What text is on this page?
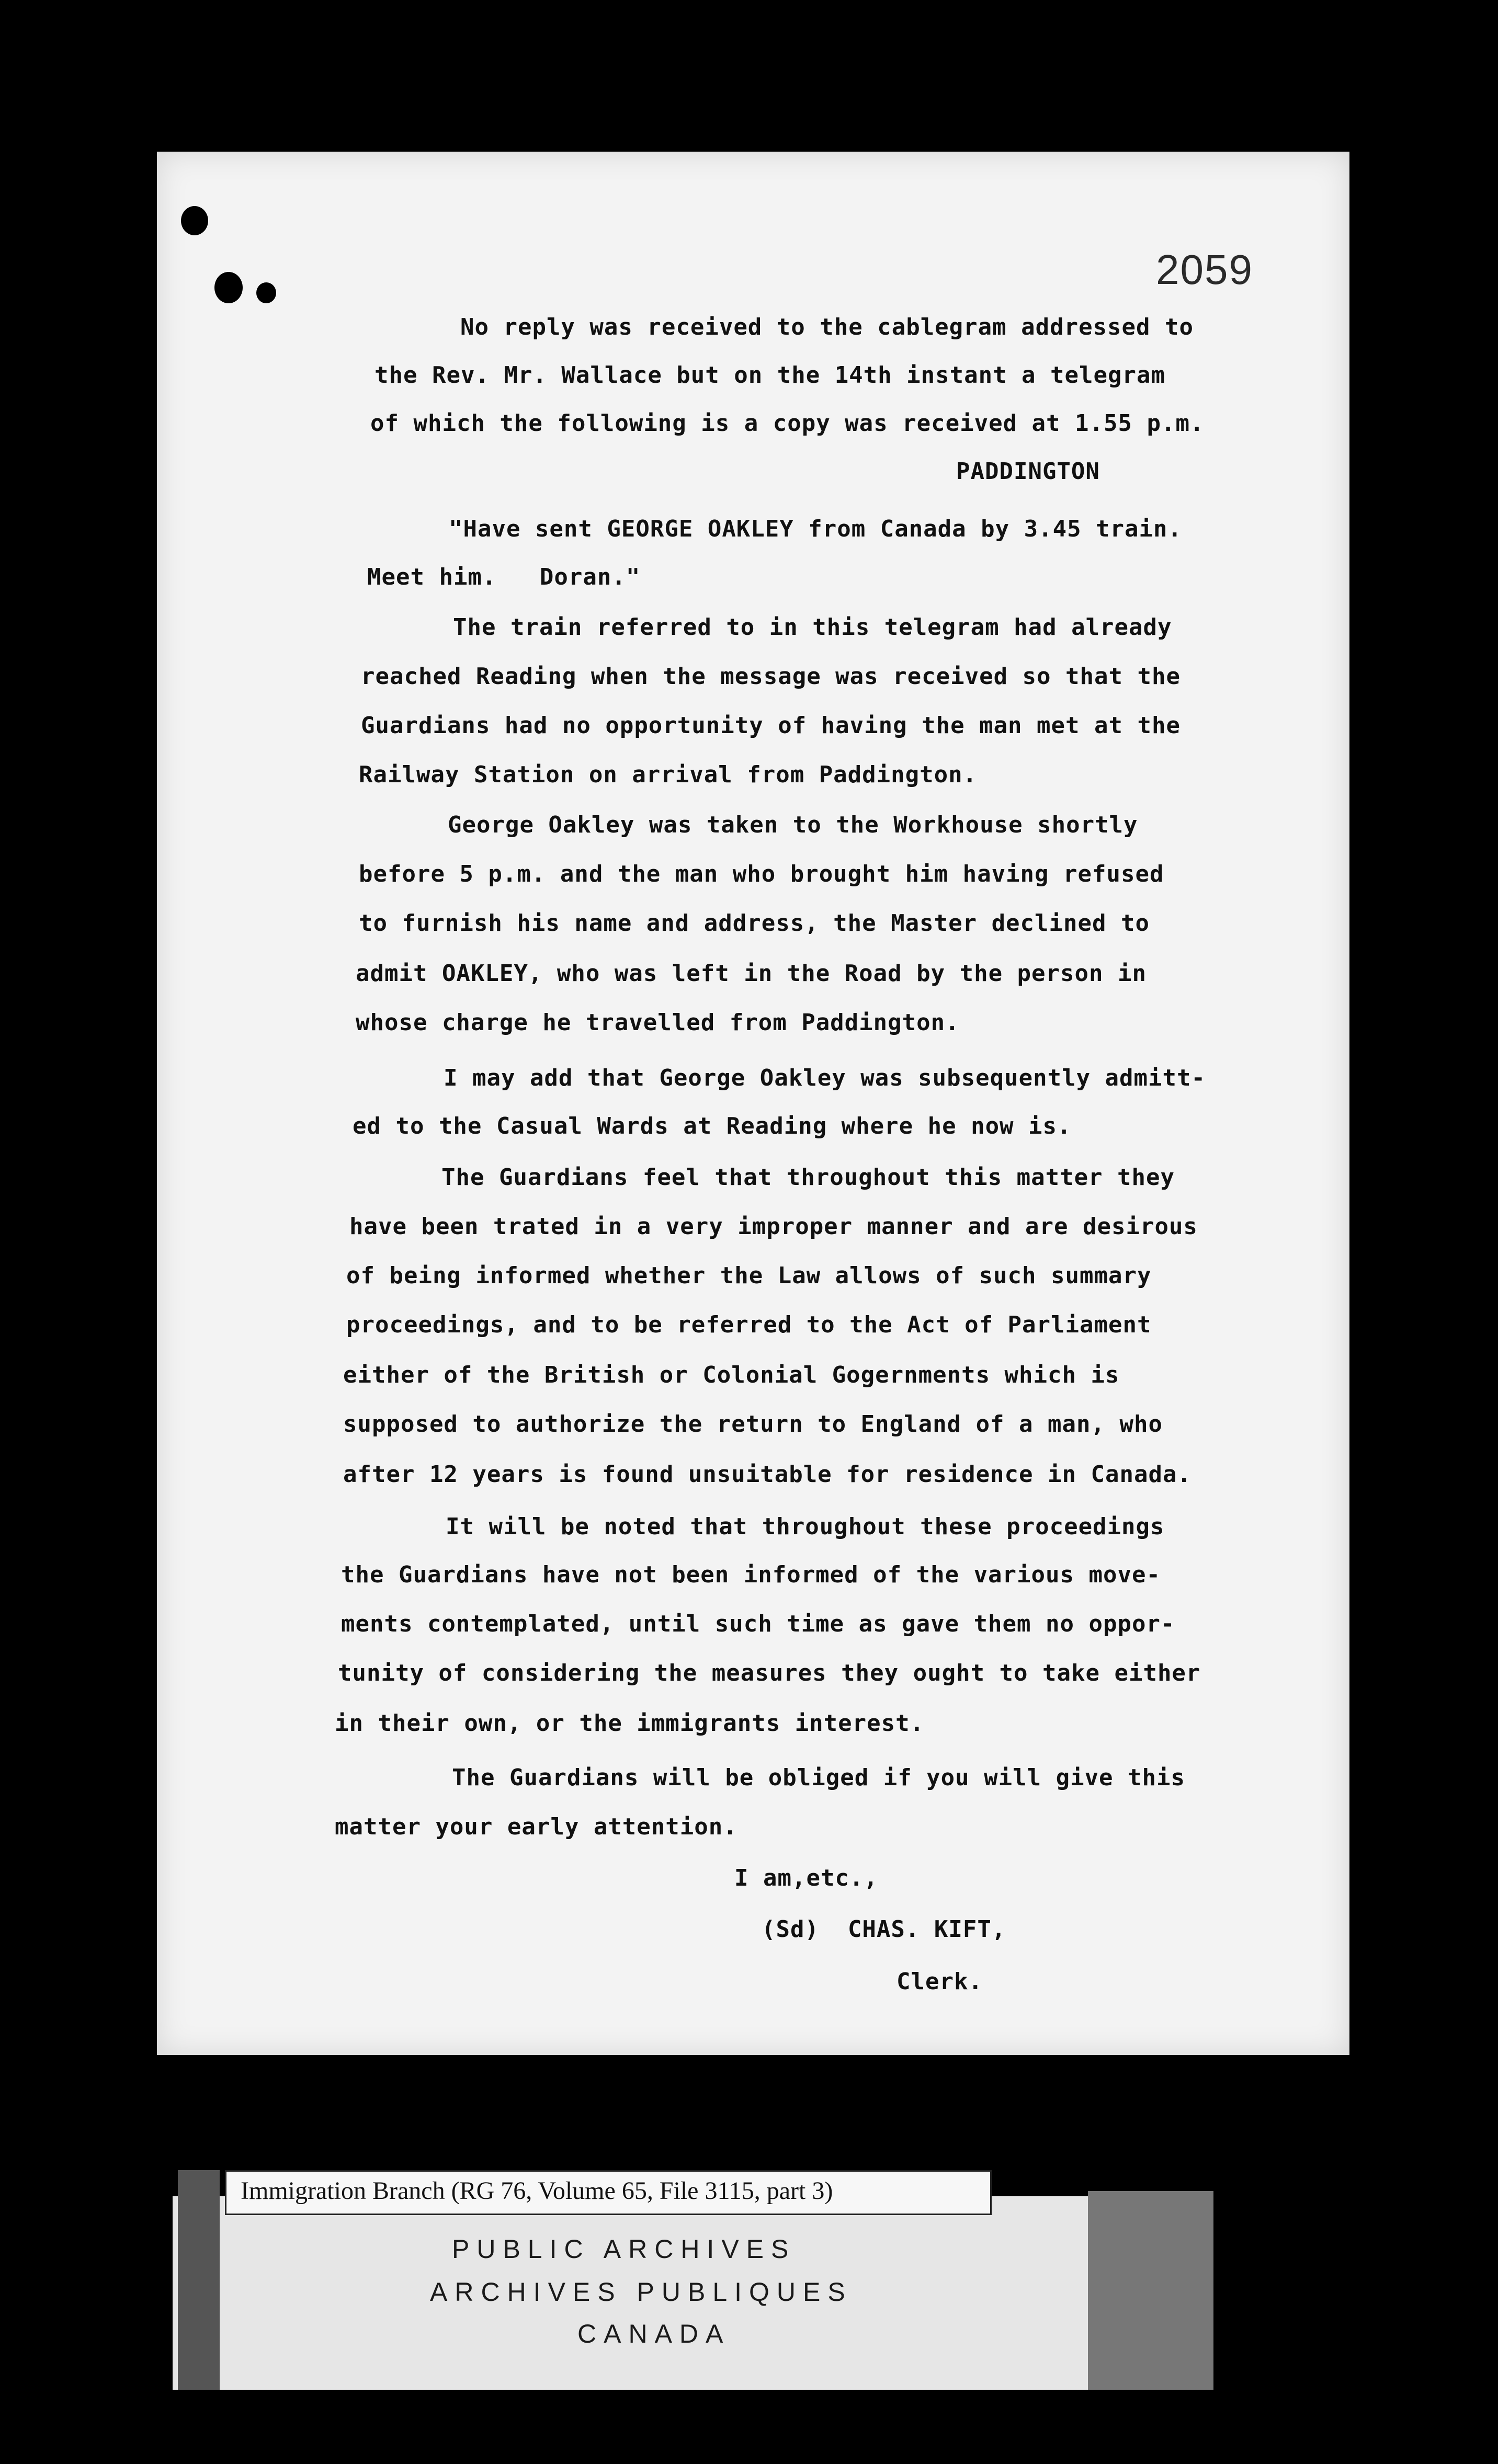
2059
No reply was received to the cablegram addressed to
the Rev. Mr. Wallace but on the 14th instant a telegram
of which the following is a copy was received at 1.55 p.m.
PADDINGTON
"Have sent GEORGE OAKLEY from Canada by 3.45 train.
Meet him.   Doran."
The train referred to in this telegram had already
reached Reading when the message was received so that the
Guardians had no opportunity of having the man met at the
Railway Station on arrival from Paddington.
George Oakley was taken to the Workhouse shortly
before 5 p.m. and the man who brought him having refused
to furnish his name and address, the Master declined to
admit OAKLEY, who was left in the Road by the person in
whose charge he travelled from Paddington.
I may add that George Oakley was subsequently admitt-
ed to the Casual Wards at Reading where he now is.
The Guardians feel that throughout this matter they
have been trated in a very improper manner and are desirous
of being informed whether the Law allows of such summary
proceedings, and to be referred to the Act of Parliament
either of the British or Colonial Gogernments which is
supposed to authorize the return to England of a man, who
after 12 years is found unsuitable for residence in Canada.
It will be noted that throughout these proceedings
the Guardians have not been informed of the various move-
ments contemplated, until such time as gave them no oppor-
tunity of considering the measures they ought to take either
in their own, or the immigrants interest.
The Guardians will be obliged if you will give this
matter your early attention.
I am,etc.,
(Sd)  CHAS. KIFT,
Clerk.
Immigration Branch (RG 76, Volume 65, File 3115, part 3)
PUBLIC ARCHIVES
ARCHIVES PUBLIQUES
CANADA
